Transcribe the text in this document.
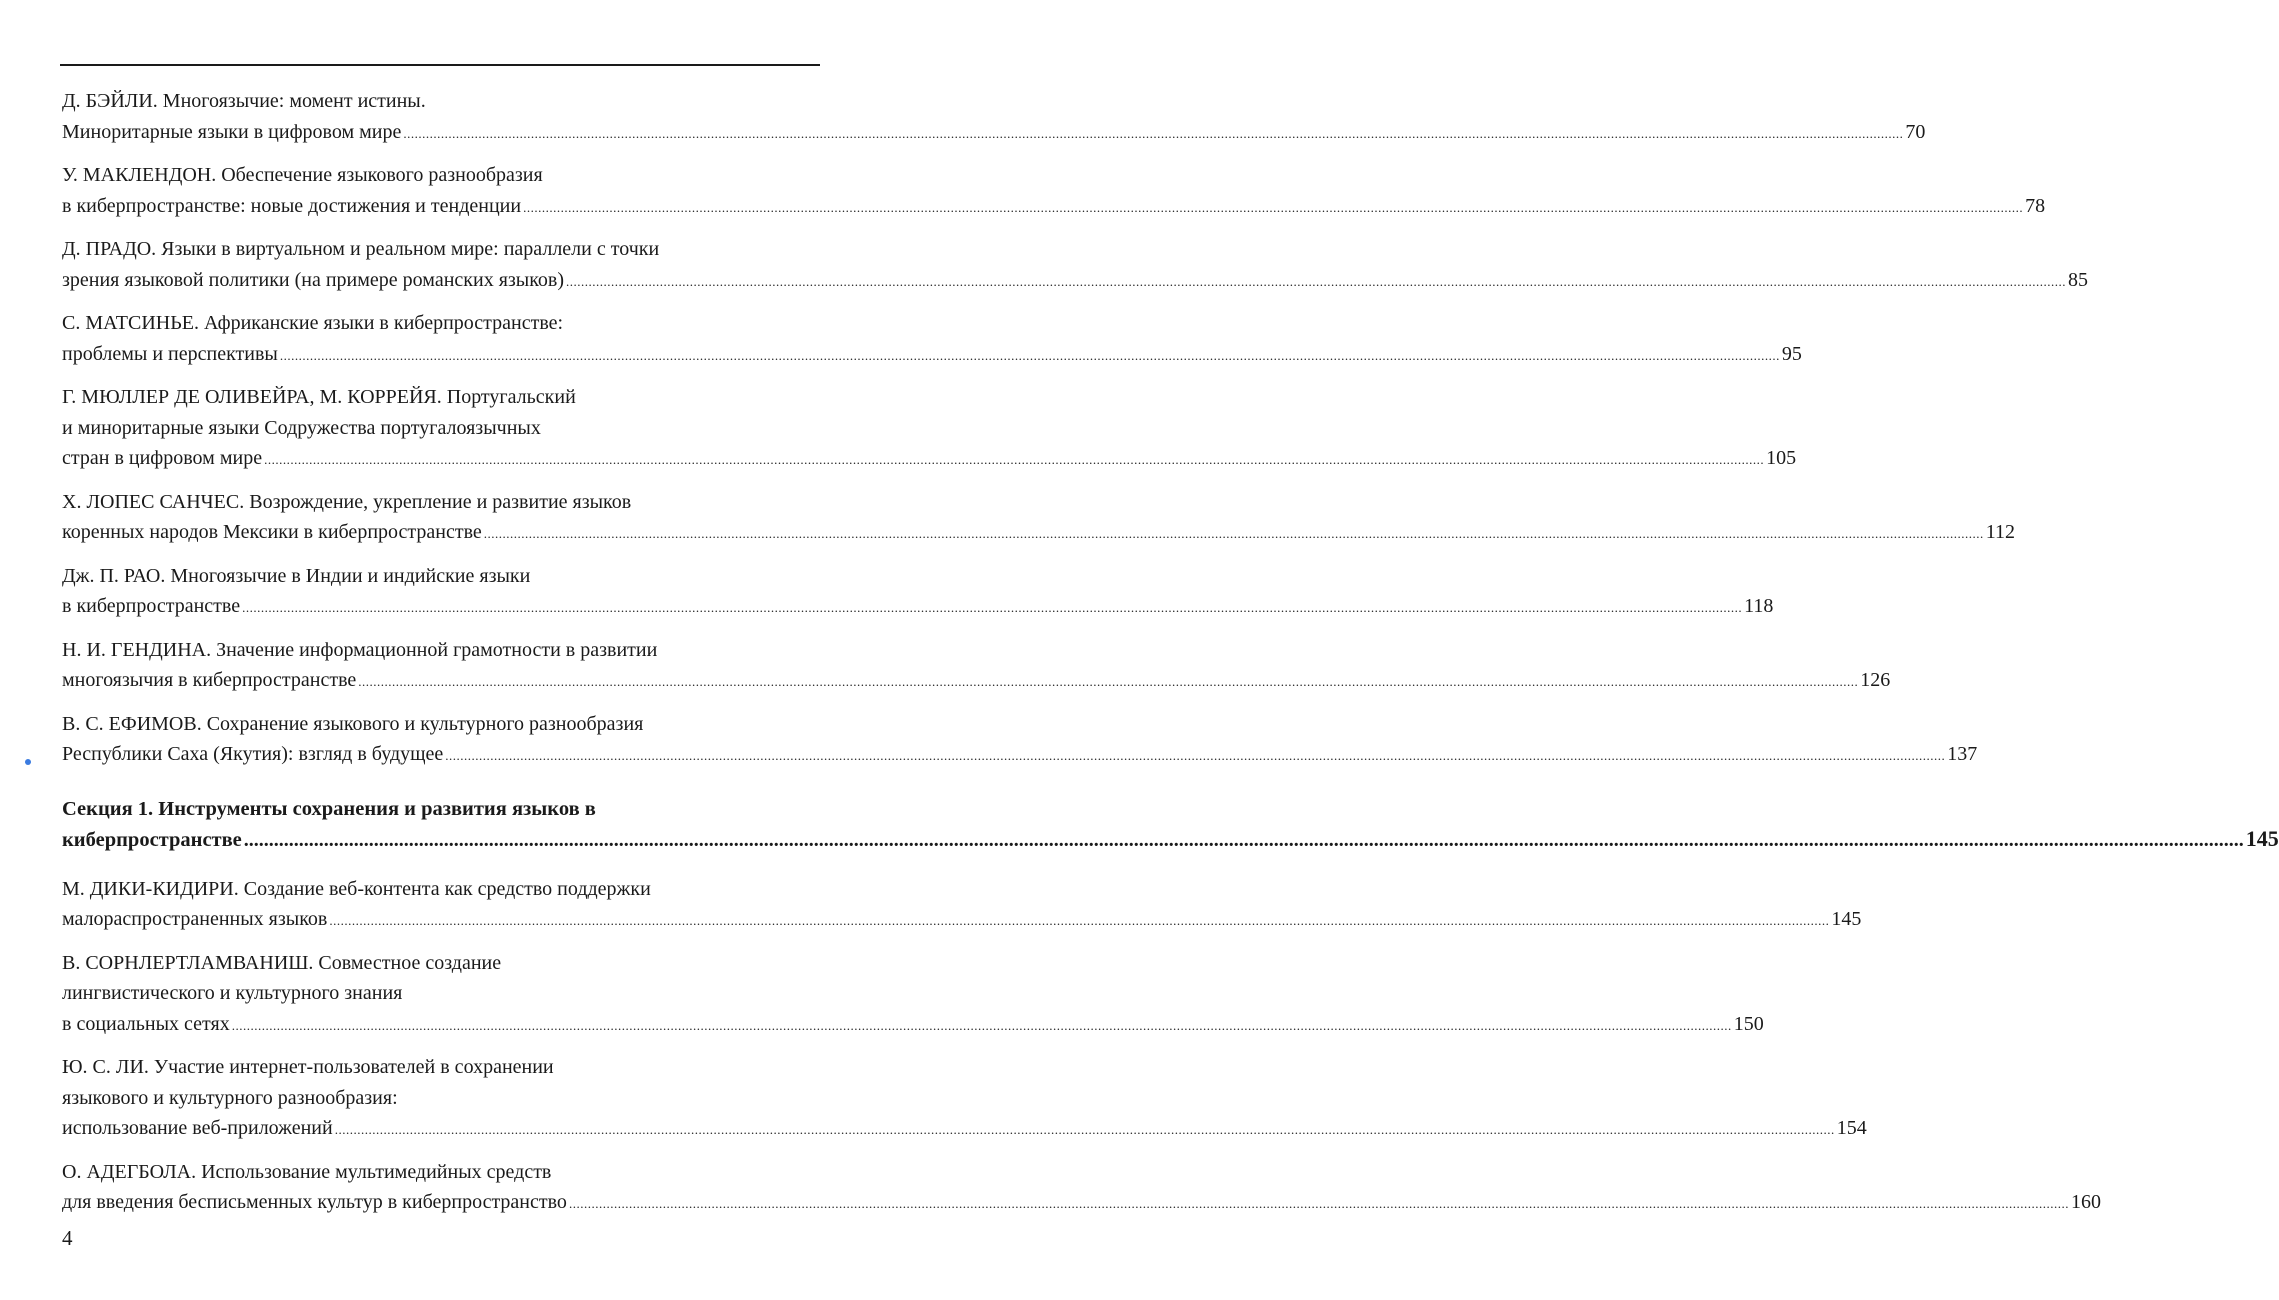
Д. БЭЙЛИ. Многоязычие: момент истины.
Миноритарные языки в цифровом мире ................................................................................................................................................................................................................................................................................................................................................................................................................ 70
У. МАКЛЕНДОН. Обеспечение языкового разнообразия
в киберпространстве: новые достижения и тенденции ................................................................................................................................................................................................................................................................................................................................................................................................................ 78
Д. ПРАДО. Языки в виртуальном и реальном мире: параллели с точки
зрения языковой политики (на примере романских языков) ................................................................................................................................................................................................................................................................................................................................................................................................................ 85
С. МАТСИНЬЕ. Африканские языки в киберпространстве:
проблемы и перспективы ................................................................................................................................................................................................................................................................................................................................................................................................................ 95
Г. МЮЛЛЕР ДЕ ОЛИВЕЙРА, М. КОРРЕЙЯ. Португальский
и миноритарные языки Содружества португалоязычных
стран в цифровом мире ................................................................................................................................................................................................................................................................................................................................................................................................................ 105
Х. ЛОПЕС САНЧЕС. Возрождение, укрепление и развитие языков
коренных народов Мексики в киберпространстве ................................................................................................................................................................................................................................................................................................................................................................................................................ 112
Дж. П. РАО. Многоязычие в Индии и индийские языки
в киберпространстве ................................................................................................................................................................................................................................................................................................................................................................................................................ 118
Н. И. ГЕНДИНА. Значение информационной грамотности в развитии
многоязычия в киберпространстве ................................................................................................................................................................................................................................................................................................................................................................................................................ 126
В. С. ЕФИМОВ. Сохранение языкового и культурного разнообразия
Республики Саха (Якутия): взгляд в будущее ................................................................................................................................................................................................................................................................................................................................................................................................................ 137
Секция 1. Инструменты сохранения и развития языков в
киберпространстве ................................................................................................................................................................................................................................................................................................................................................................................................................ 145
М. ДИКИ-КИДИРИ. Создание веб-контента как средство поддержки
малораспространенных языков ................................................................................................................................................................................................................................................................................................................................................................................................................ 145
В. СОРНЛЕРТЛАМВАНИШ. Совместное создание
лингвистического и культурного знания
в социальных сетях ................................................................................................................................................................................................................................................................................................................................................................................................................ 150
Ю. С. ЛИ. Участие интернет-пользователей в сохранении
языкового и культурного разнообразия:
использование веб-приложений ................................................................................................................................................................................................................................................................................................................................................................................................................ 154
О. АДЕГБОЛА. Использование мультимедийных средств
для введения бесписьменных культур в киберпространство ................................................................................................................................................................................................................................................................................................................................................................................................................ 160
4
